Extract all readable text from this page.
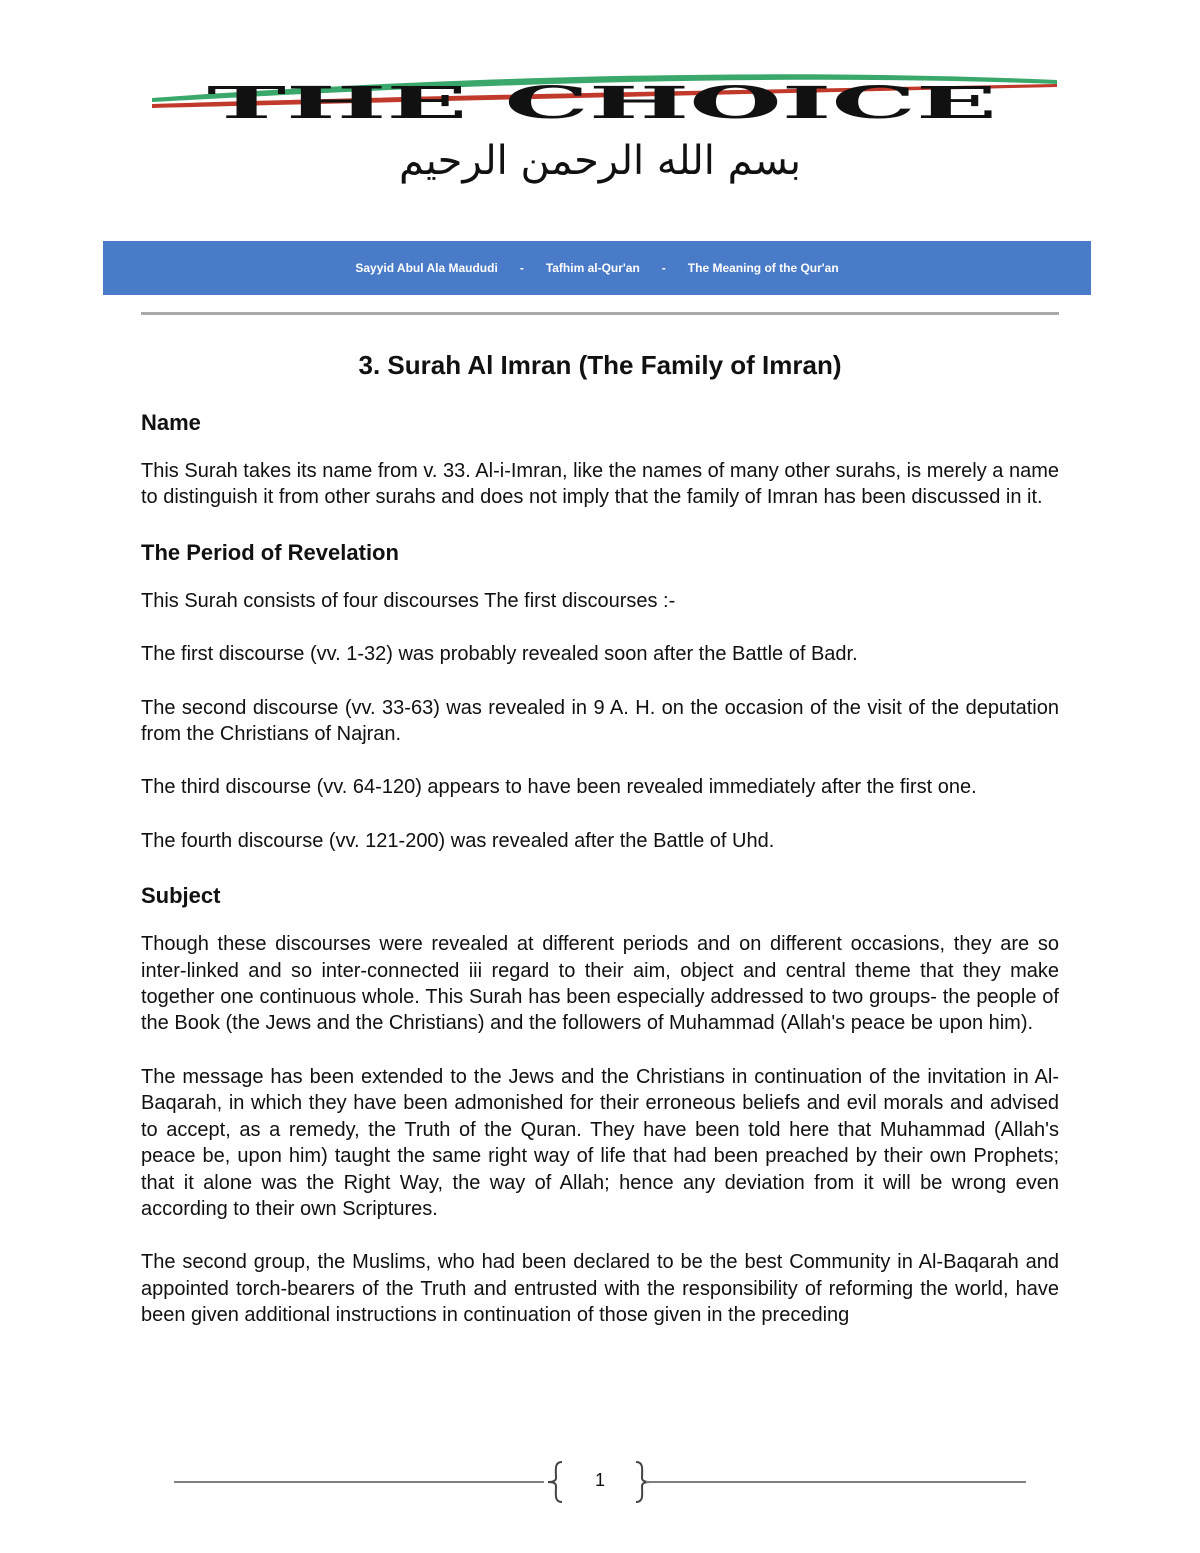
THE CHOICE
بسم الله الرحمن الرحيم
Sayyid Abul Ala Maududi - Tafhim al-Qur'an - The Meaning of the Qur'an
3. Surah Al Imran (The Family of Imran)
Name

This Surah takes its name from v. 33. Al-i-Imran, like the names of many other surahs, is merely a name to distinguish it from other surahs and does not imply that the family of Imran has been discussed in it.

The Period of Revelation

This Surah consists of four discourses The first discourses :-

The first discourse (vv. 1-32) was probably revealed soon after the Battle of Badr.

The second discourse (vv. 33-63) was revealed in 9 A. H. on the occasion of the visit of the deputation from the Christians of Najran.

The third discourse (vv. 64-120) appears to have been revealed immediately after the first one.

The fourth discourse (vv. 121-200) was revealed after the Battle of Uhd.

Subject

Though these discourses were revealed at different periods and on different occasions, they are so inter-linked and so inter-connected iii regard to their aim, object and central theme that they make together one continuous whole. This Surah has been especially addressed to two groups- the people of the Book (the Jews and the Christians) and the followers of Muhammad (Allah's peace be upon him).

The message has been extended to the Jews and the Christians in continuation of the invitation in Al-Baqarah, in which they have been admonished for their erroneous beliefs and evil morals and advised to accept, as a remedy, the Truth of the Quran. They have been told here that Muhammad (Allah's peace be, upon him) taught the same right way of life that had been preached by their own Prophets; that it alone was the Right Way, the way of Allah; hence any deviation from it will be wrong even according to their own Scriptures.

The second group, the Muslims, who had been declared to be the best Community in Al-Baqarah and appointed torch-bearers of the Truth and entrusted with the responsibility of reforming the world, have been given additional instructions in continuation of those given in the preceding

1
